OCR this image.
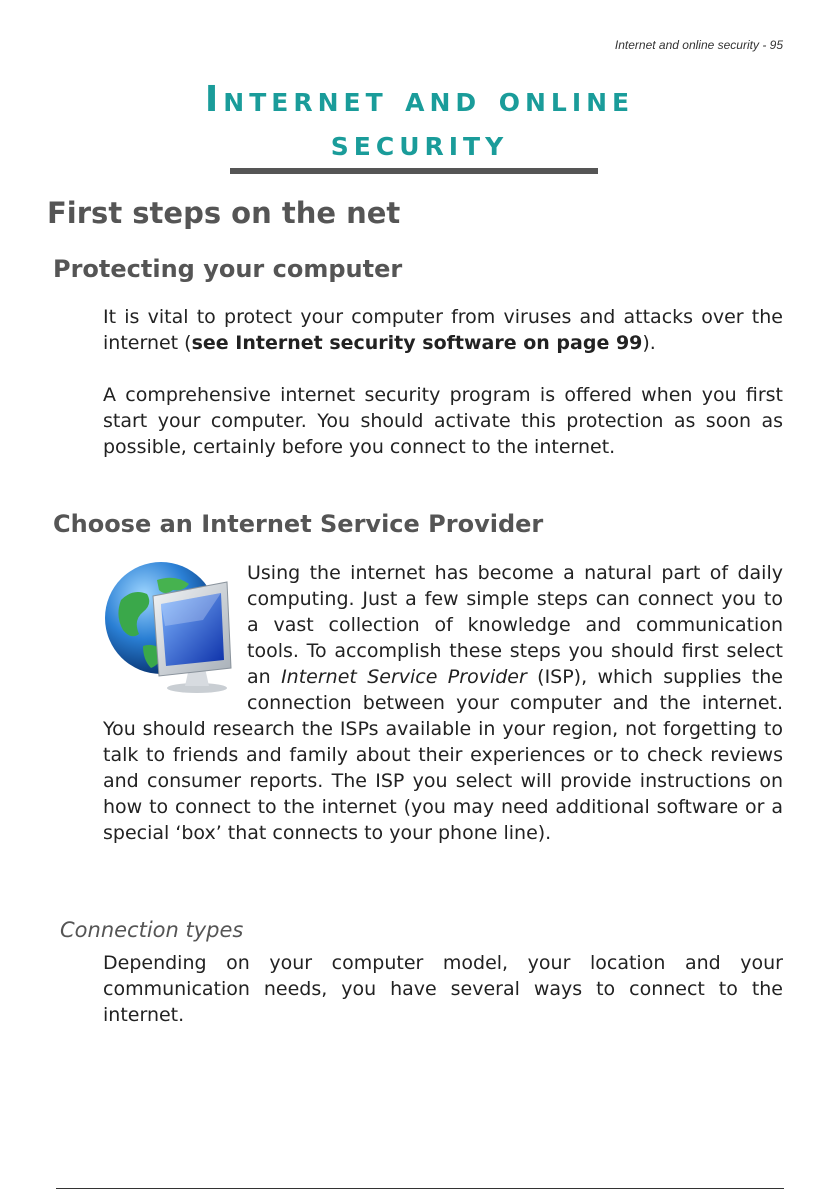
Internet and online security - 95
Internet and online
security
First steps on the net
Protecting your computer

It is vital to protect your computer from viruses and attacks over the internet (see Internet security software on page 99).

A comprehensive internet security program is offered when you first start your computer. You should activate this protection as soon as possible, certainly before you connect to the internet.

Choose an Internet Service Provider

Using the internet has become a natural part of daily computing. Just a few simple steps can connect you to a vast collection of knowledge and communication tools. To accomplish these steps you should first select an Internet Service Provider (ISP), which supplies the connection between your computer and the internet. You should research the ISPs available in your region, not forgetting to talk to friends and family about their experiences or to check reviews and consumer reports. The ISP you select will provide instructions on how to connect to the internet (you may need additional software or a special ‘box’ that connects to your phone line).

Connection types

Depending on your computer model, your location and your communication needs, you have several ways to connect to the internet.
